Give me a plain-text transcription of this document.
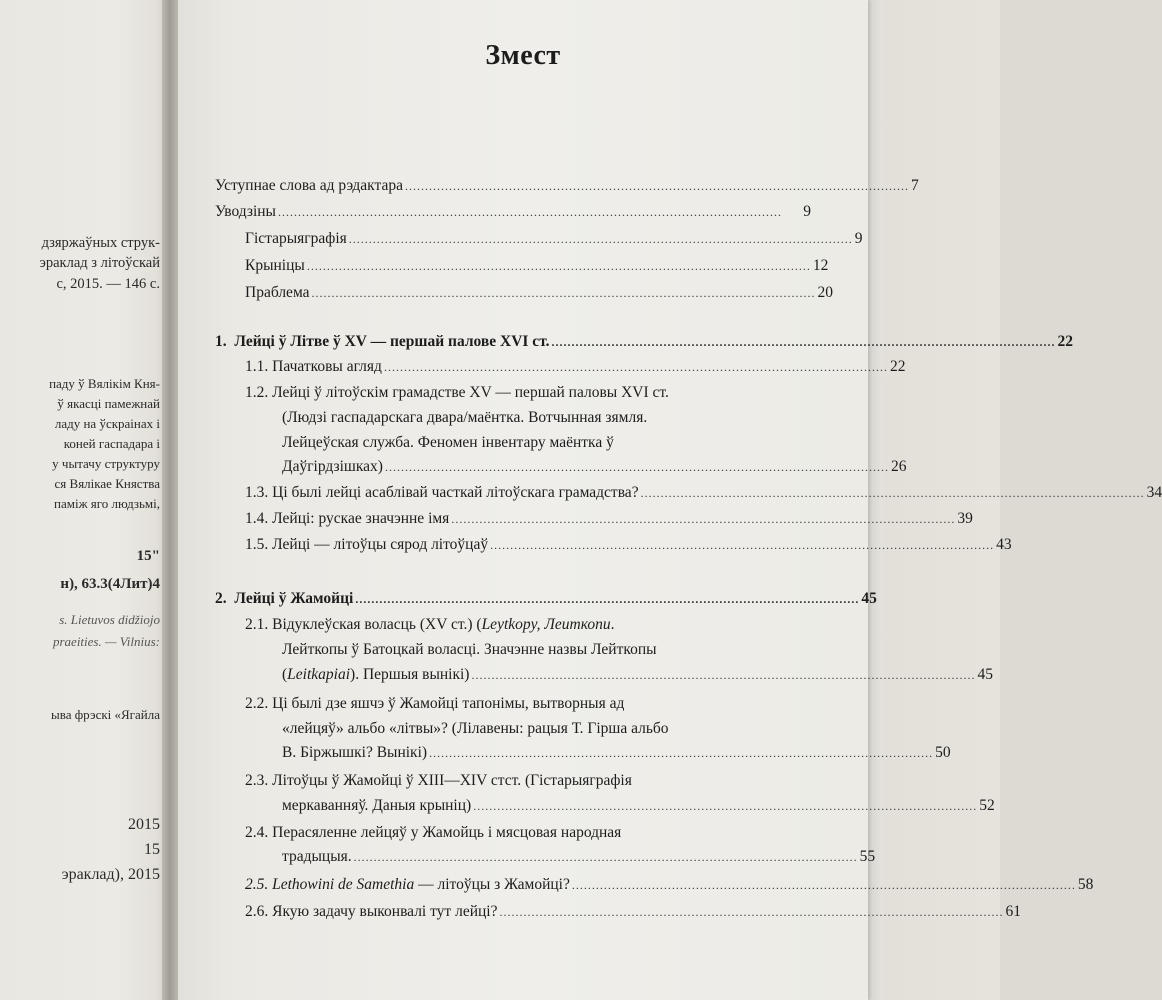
дзяржаўных струк-
эраклад з літоўскай
с, 2015. — 146 с.
паду ў Вялікім Кня-
ў якасці памежнай
ладу на ўскраінах і
коней гаспадара і
у чытачу структуру
ся Вялікае Княства
паміж яго людзьмі,
15"
н), 63.3(4Лит)4
s. Lietuvos didžiojo
praeities. — Vilnius:
ыва фрэскі «Ягайла
2015
15
эраклад), 2015
Змест
Уступнае слова ад рэдактара .............................................................................................................................. 7
Уводзіны ..............................................................................................................................	9
Гістарыяграфія .............................................................................................................................. 9
Крыніцы .............................................................................................................................. 12
Праблема .............................................................................................................................. 20
1.  Лейці ў Літве ў XV — першай палове XVI ст. .............................................................................................................................. 22
1.1. Пачатковы агляд .............................................................................................................................. 22
1.2. Лейці ў літоўскім грамадстве XV — першай паловы XVI ст.
(Людзі гаспадарскага двара/маёнтка. Вотчынная зямля.
Лейцеўская служба. Феномен інвентару маёнтка ў
Даўгірдзішках) .............................................................................................................................. 26
1.3. Ці былі лейці асаблівай часткай літоўскага грамадства? .............................................................................................................................. 34
1.4. Лейці: рускае значэнне імя .............................................................................................................................. 39
1.5. Лейці — літоўцы сярод літоўцаў .............................................................................................................................. 43
2.  Лейці ў Жамойці .............................................................................................................................. 45
2.1. Відуклеўская воласць (XV ст.) (Leytkopy, Леиткопи.
Лейткопы ў Батоцкай воласці. Значэнне назвы Лейткопы
(Leitkapiai). Першыя вынікі) .............................................................................................................................. 45
2.2. Ці былі дзе яшчэ ў Жамойці тапонімы, вытворныя ад
«лейцяў» альбо «літвы»? (Лілавены: рацыя Т. Гірша альбо
В. Біржышкі? Вынікі) .............................................................................................................................. 50
2.3. Літоўцы ў Жамойці ў XIII—XIV стст. (Гістарыяграфія
меркаванняў. Даныя крыніц) .............................................................................................................................. 52
2.4. Перасяленне лейцяў у Жамойць і мясцовая народная
традыцыя. .............................................................................................................................. 55
2.5. Lethowini de Samethia — літоўцы з Жамойці? .............................................................................................................................. 58
2.6. Якую задачу выконвалі тут лейці? .............................................................................................................................. 61
